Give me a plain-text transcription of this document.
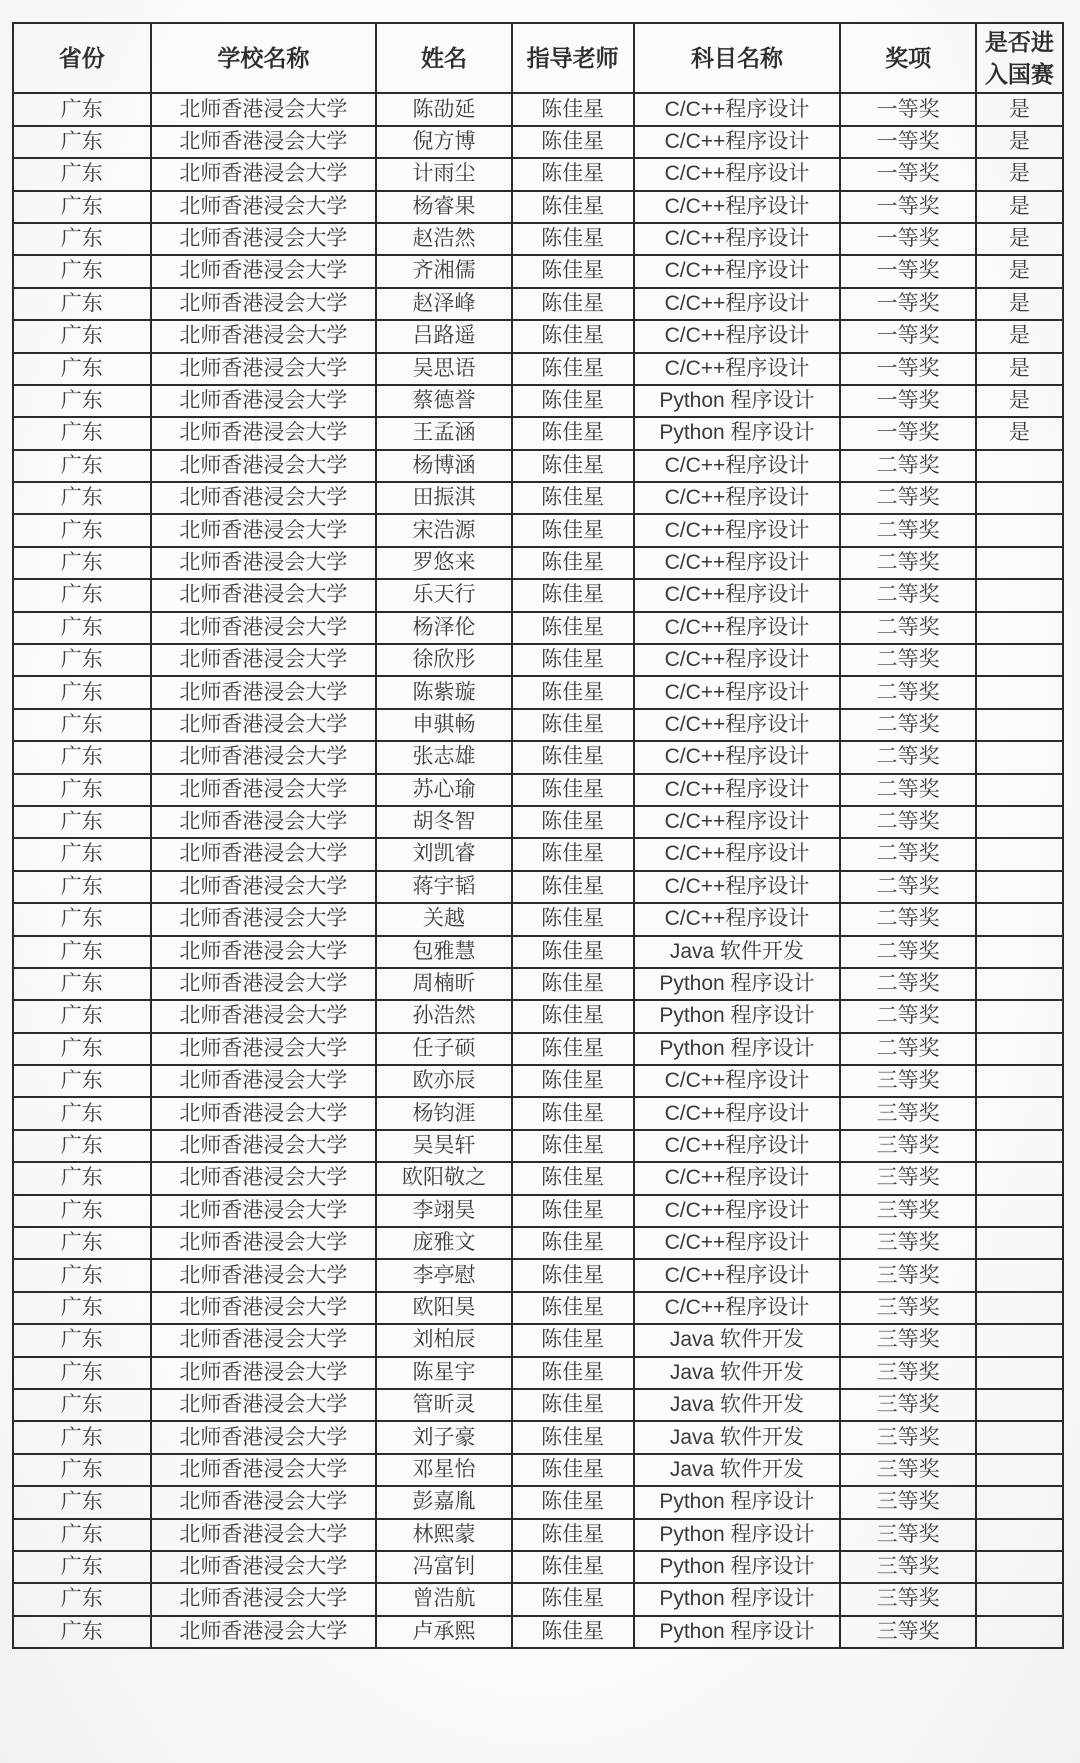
省份	学校名称	姓名	指导老师	科目名称	奖项	是否进入国赛
广东	北师香港浸会大学	陈劭延	陈佳星	C/C++程序设计	一等奖	是
广东	北师香港浸会大学	倪方博	陈佳星	C/C++程序设计	一等奖	是
广东	北师香港浸会大学	计雨尘	陈佳星	C/C++程序设计	一等奖	是
广东	北师香港浸会大学	杨睿果	陈佳星	C/C++程序设计	一等奖	是
广东	北师香港浸会大学	赵浩然	陈佳星	C/C++程序设计	一等奖	是
广东	北师香港浸会大学	齐湘儒	陈佳星	C/C++程序设计	一等奖	是
广东	北师香港浸会大学	赵泽峰	陈佳星	C/C++程序设计	一等奖	是
广东	北师香港浸会大学	吕路遥	陈佳星	C/C++程序设计	一等奖	是
广东	北师香港浸会大学	吴思语	陈佳星	C/C++程序设计	一等奖	是
广东	北师香港浸会大学	蔡德誉	陈佳星	Python 程序设计	一等奖	是
广东	北师香港浸会大学	王孟涵	陈佳星	Python 程序设计	一等奖	是
广东	北师香港浸会大学	杨博涵	陈佳星	C/C++程序设计	二等奖	
广东	北师香港浸会大学	田振淇	陈佳星	C/C++程序设计	二等奖	
广东	北师香港浸会大学	宋浩源	陈佳星	C/C++程序设计	二等奖	
广东	北师香港浸会大学	罗悠来	陈佳星	C/C++程序设计	二等奖	
广东	北师香港浸会大学	乐天行	陈佳星	C/C++程序设计	二等奖	
广东	北师香港浸会大学	杨泽伦	陈佳星	C/C++程序设计	二等奖	
广东	北师香港浸会大学	徐欣彤	陈佳星	C/C++程序设计	二等奖	
广东	北师香港浸会大学	陈紫璇	陈佳星	C/C++程序设计	二等奖	
广东	北师香港浸会大学	申骐畅	陈佳星	C/C++程序设计	二等奖	
广东	北师香港浸会大学	张志雄	陈佳星	C/C++程序设计	二等奖	
广东	北师香港浸会大学	苏心瑜	陈佳星	C/C++程序设计	二等奖	
广东	北师香港浸会大学	胡冬智	陈佳星	C/C++程序设计	二等奖	
广东	北师香港浸会大学	刘凯睿	陈佳星	C/C++程序设计	二等奖	
广东	北师香港浸会大学	蒋宇韬	陈佳星	C/C++程序设计	二等奖	
广东	北师香港浸会大学	关越	陈佳星	C/C++程序设计	二等奖	
广东	北师香港浸会大学	包雅慧	陈佳星	Java 软件开发	二等奖	
广东	北师香港浸会大学	周楠昕	陈佳星	Python 程序设计	二等奖	
广东	北师香港浸会大学	孙浩然	陈佳星	Python 程序设计	二等奖	
广东	北师香港浸会大学	任子硕	陈佳星	Python 程序设计	二等奖	
广东	北师香港浸会大学	欧亦辰	陈佳星	C/C++程序设计	三等奖	
广东	北师香港浸会大学	杨钧涯	陈佳星	C/C++程序设计	三等奖	
广东	北师香港浸会大学	吴昊轩	陈佳星	C/C++程序设计	三等奖	
广东	北师香港浸会大学	欧阳敬之	陈佳星	C/C++程序设计	三等奖	
广东	北师香港浸会大学	李翊昊	陈佳星	C/C++程序设计	三等奖	
广东	北师香港浸会大学	庞雅文	陈佳星	C/C++程序设计	三等奖	
广东	北师香港浸会大学	李亭慰	陈佳星	C/C++程序设计	三等奖	
广东	北师香港浸会大学	欧阳昊	陈佳星	C/C++程序设计	三等奖	
广东	北师香港浸会大学	刘柏辰	陈佳星	Java 软件开发	三等奖	
广东	北师香港浸会大学	陈星宇	陈佳星	Java 软件开发	三等奖	
广东	北师香港浸会大学	管昕灵	陈佳星	Java 软件开发	三等奖	
广东	北师香港浸会大学	刘子豪	陈佳星	Java 软件开发	三等奖	
广东	北师香港浸会大学	邓星怡	陈佳星	Java 软件开发	三等奖	
广东	北师香港浸会大学	彭嘉胤	陈佳星	Python 程序设计	三等奖	
广东	北师香港浸会大学	林熙蒙	陈佳星	Python 程序设计	三等奖	
广东	北师香港浸会大学	冯富钊	陈佳星	Python 程序设计	三等奖	
广东	北师香港浸会大学	曾浩航	陈佳星	Python 程序设计	三等奖	
广东	北师香港浸会大学	卢承熙	陈佳星	Python 程序设计	三等奖	
